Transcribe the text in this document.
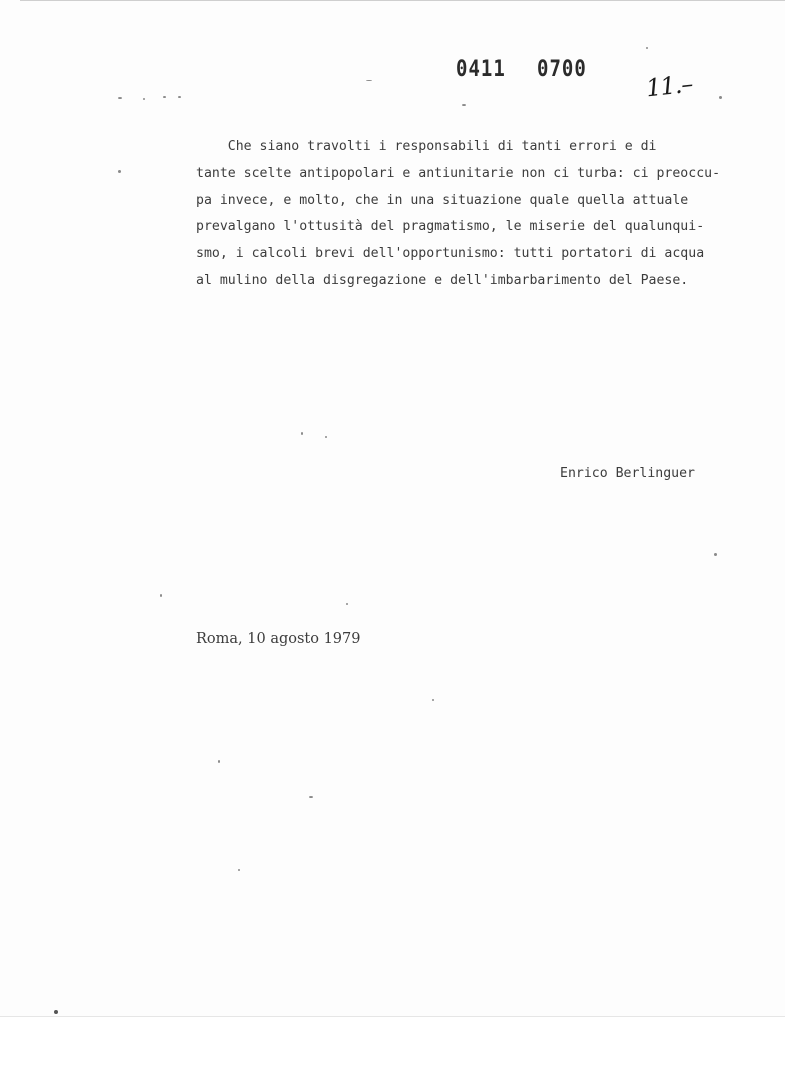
0411 0700
11.–
Che siano travolti i responsabili di tanti errori e di
tante scelte antipopolari e antiunitarie non ci turba: ci preoccu-
pa invece, e molto, che in una situazione quale quella attuale
prevalgano l'ottusità del pragmatismo, le miserie del qualunqui-
smo, i calcoli brevi dell'opportunismo: tutti portatori di acqua
al mulino della disgregazione e dell'imbarbarimento del Paese.
Enrico Berlinguer
Roma, 10 agosto 1979
